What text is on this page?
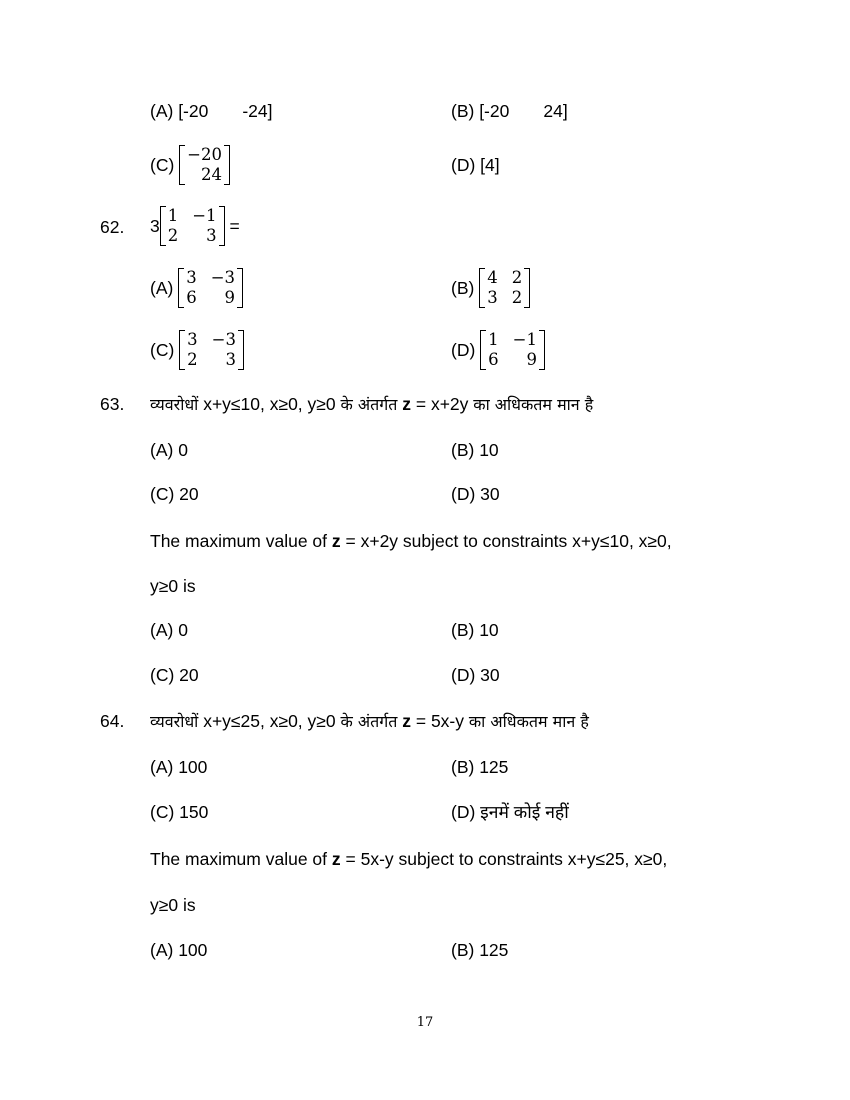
(A) [-20 -24]	(B) [-20 24]
(C)

−20
24	(D) [4]
62. 3
1 −1
2	3
=
(A)

3 −3
6	9	(B)

4 2
3 2
(C)

3 −3
2	3	(D)

1 −1
6	9
63. व्यवरोधों x+y≤10, x≥0, y≥0 के अंतर्गत z = x+2y का अधिकतम मान है
(A) 0	(B) 10
(C) 20	(D) 30
The maximum value of z = x+2y subject to constraints x+y≤10, x≥0,
y≥0 is
(A) 0	(B) 10
(C) 20	(D) 30
64. व्यवरोधों x+y≤25, x≥0, y≥0 के अंतर्गत z = 5x-y का अधिकतम मान है
(A) 100	(B) 125
(C) 150	(D) इनमें कोई नहीं
The maximum value of z = 5x-y subject to constraints x+y≤25, x≥0,
y≥0 is
(A) 100	(B) 125
17
